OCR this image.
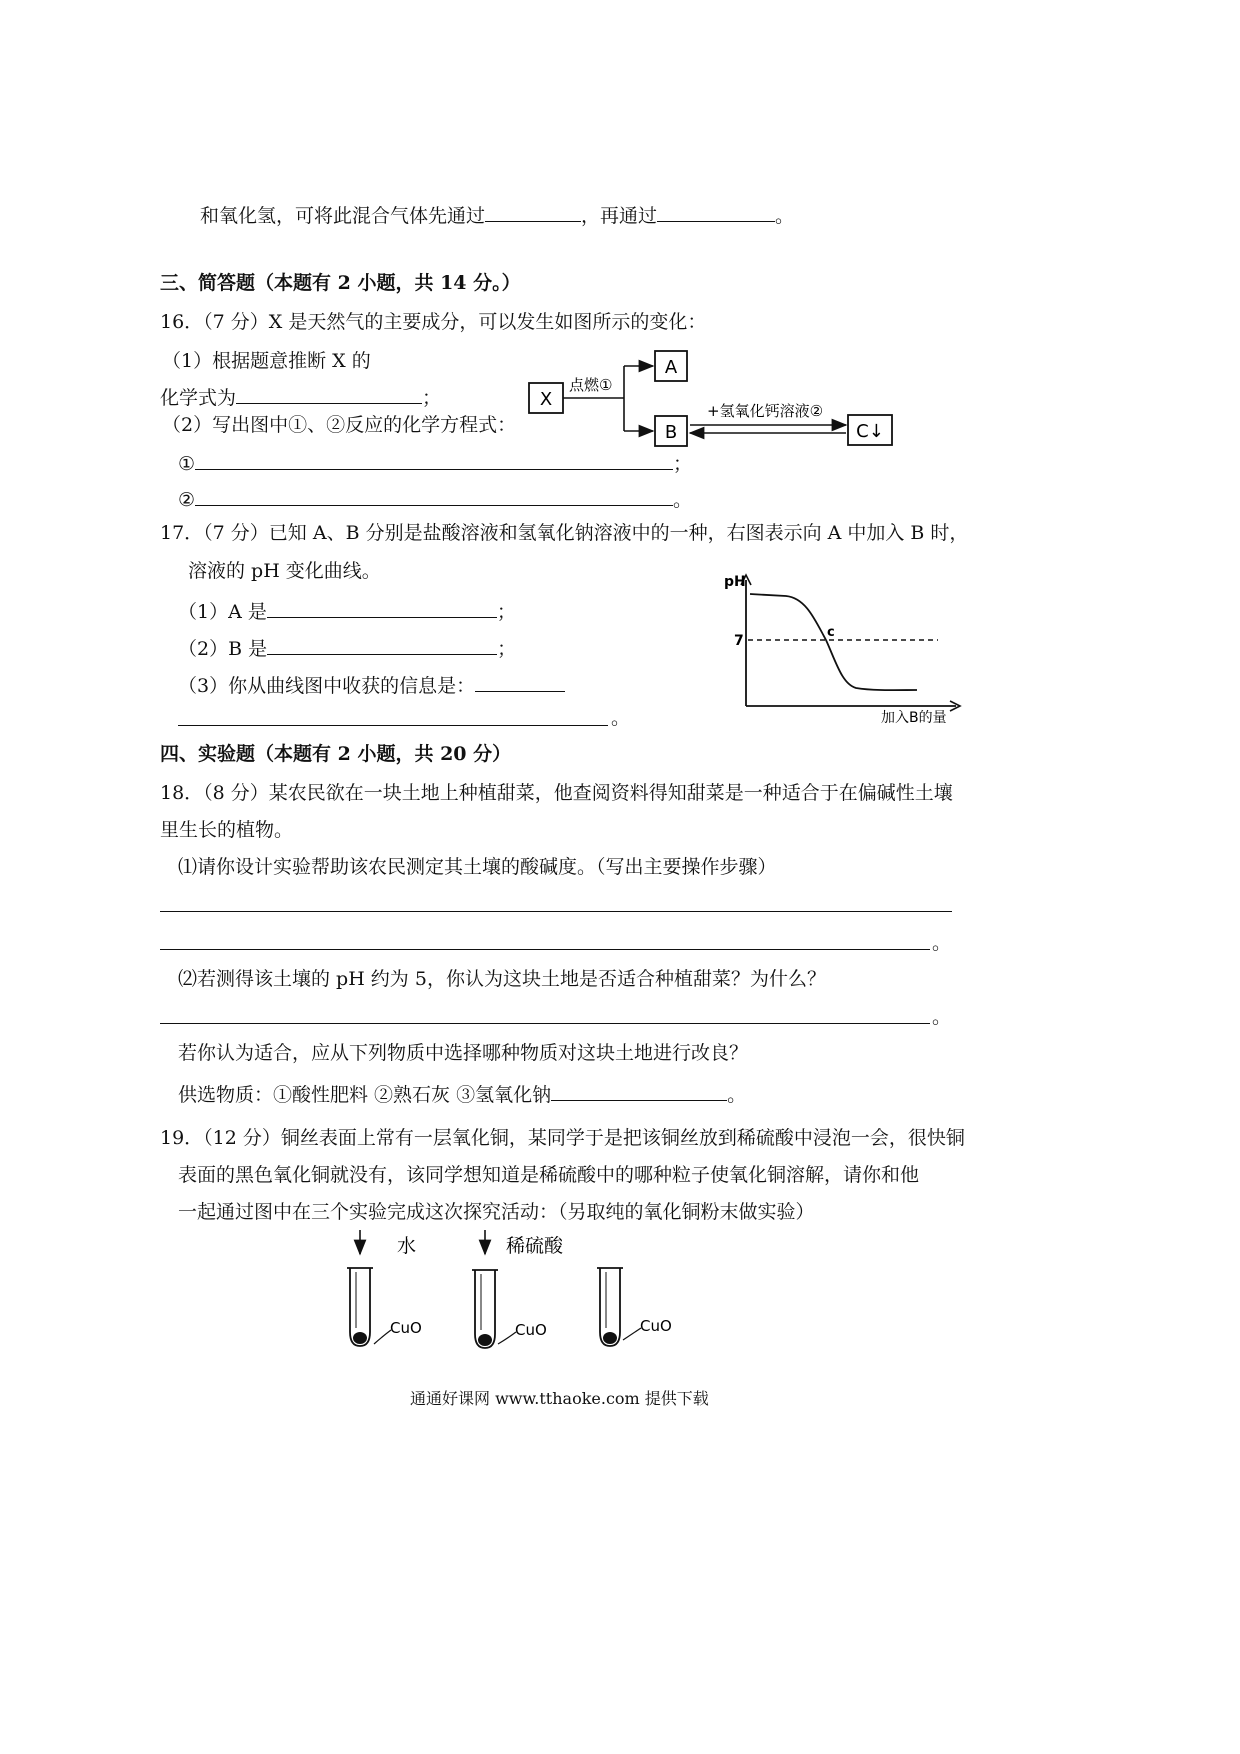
和氧化氢，可将此混合气体先通过	，再通过	。
三、简答题（本题有 2 小题，共 14 分。）
16．（7 分）X 是天然气的主要成分，可以发生如图所示的变化：
（1）根据题意推断 X 的
化学式为	；
（2）写出图中①、②反应的化学方程式：
①	；
②	。
X
点燃①
A
B
+氢氧化钙溶液②
C↓
17．（7 分）已知 A、B 分别是盐酸溶液和氢氧化钠溶液中的一种，右图表示向 A 中加入 B 时，
溶液的 pH 变化曲线。
（1）A 是	；
（2）B 是	；
（3）你从曲线图中收获的信息是：
。
pH
7
c
加入B的量
四、实验题（本题有 2 小题，共 20 分）
18．（8 分）某农民欲在一块土地上种植甜菜，他查阅资料得知甜菜是一种适合于在偏碱性土壤
里生长的植物。
⑴请你设计实验帮助该农民测定其土壤的酸碱度。（写出主要操作步骤）
。
⑵若测得该土壤的 pH 约为 5，你认为这块土地是否适合种植甜菜？为什么？
。
若你认为适合，应从下列物质中选择哪种物质对这块土地进行改良？
供选物质：①酸性肥料 ②熟石灰 ③氢氧化钠	。
19．（12 分）铜丝表面上常有一层氧化铜，某同学于是把该铜丝放到稀硫酸中浸泡一会，很快铜
表面的黑色氧化铜就没有，该同学想知道是稀硫酸中的哪种粒子使氧化铜溶解，请你和他
一起通过图中在三个实验完成这次探究活动：（另取纯的氧化铜粉末做实验）
水	稀硫酸
CuO	CuO	CuO
通通好课网 www.tthaoke.com 提供下载
